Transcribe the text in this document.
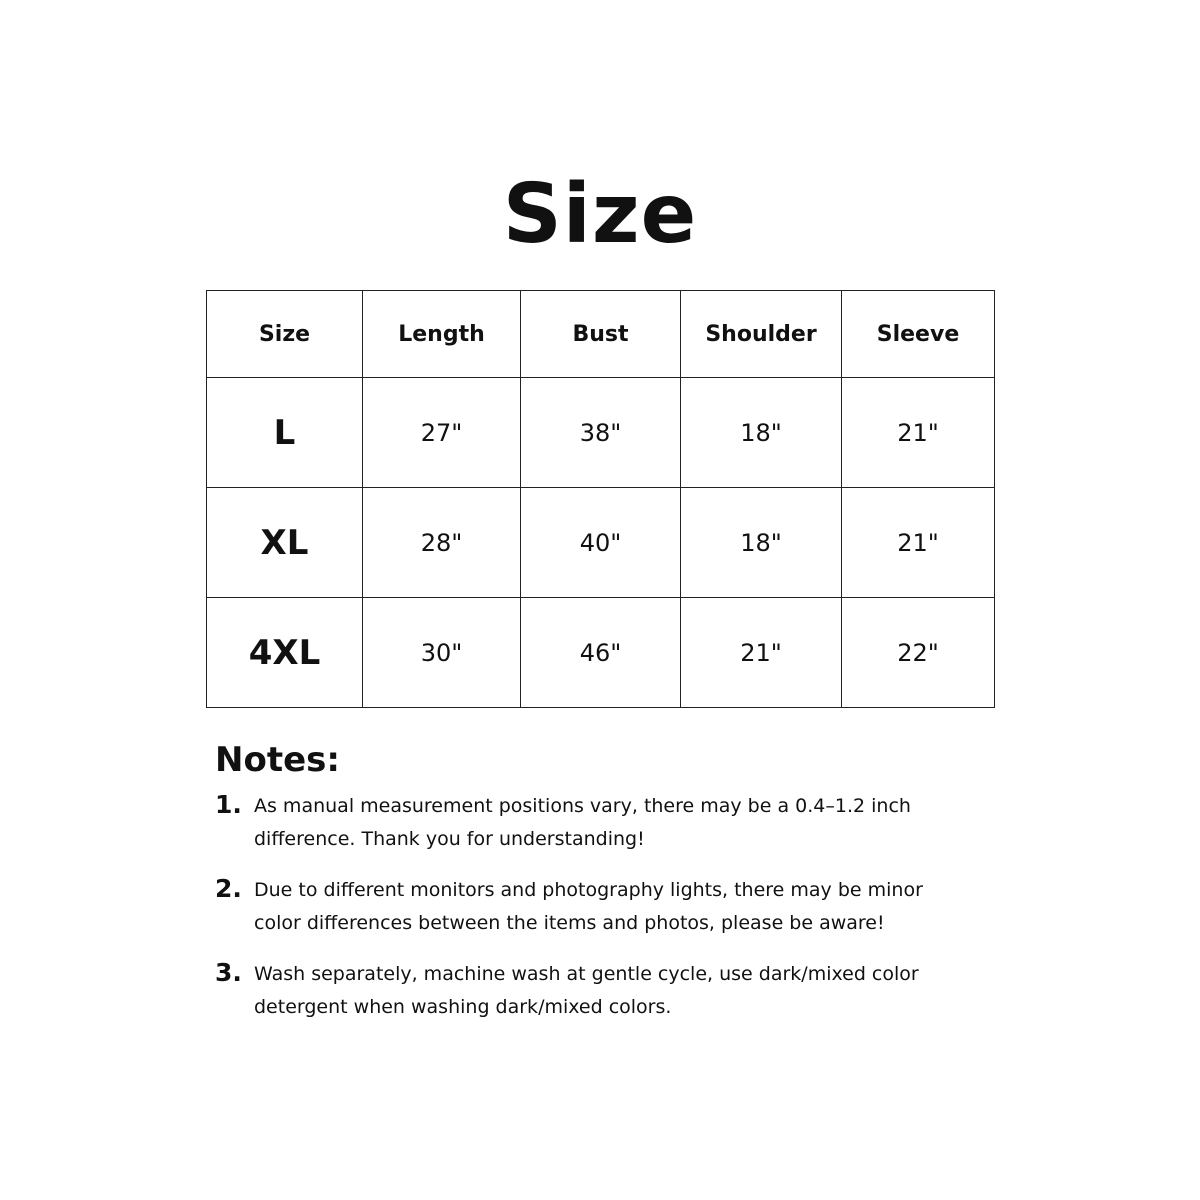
Size
Size	Length	Bust	Shoulder	Sleeve
L	27"	38"	18"	21"
XL	28"	40"	18"	21"
4XL	30"	46"	21"	22"
Notes:
1. As manual measurement positions vary, there may be a 0.4–1.2 inch difference. Thank you for understanding!
2. Due to different monitors and photography lights, there may be minor color differences between the items and photos, please be aware!
3. Wash separately, machine wash at gentle cycle, use dark/mixed color detergent when washing dark/mixed colors.
